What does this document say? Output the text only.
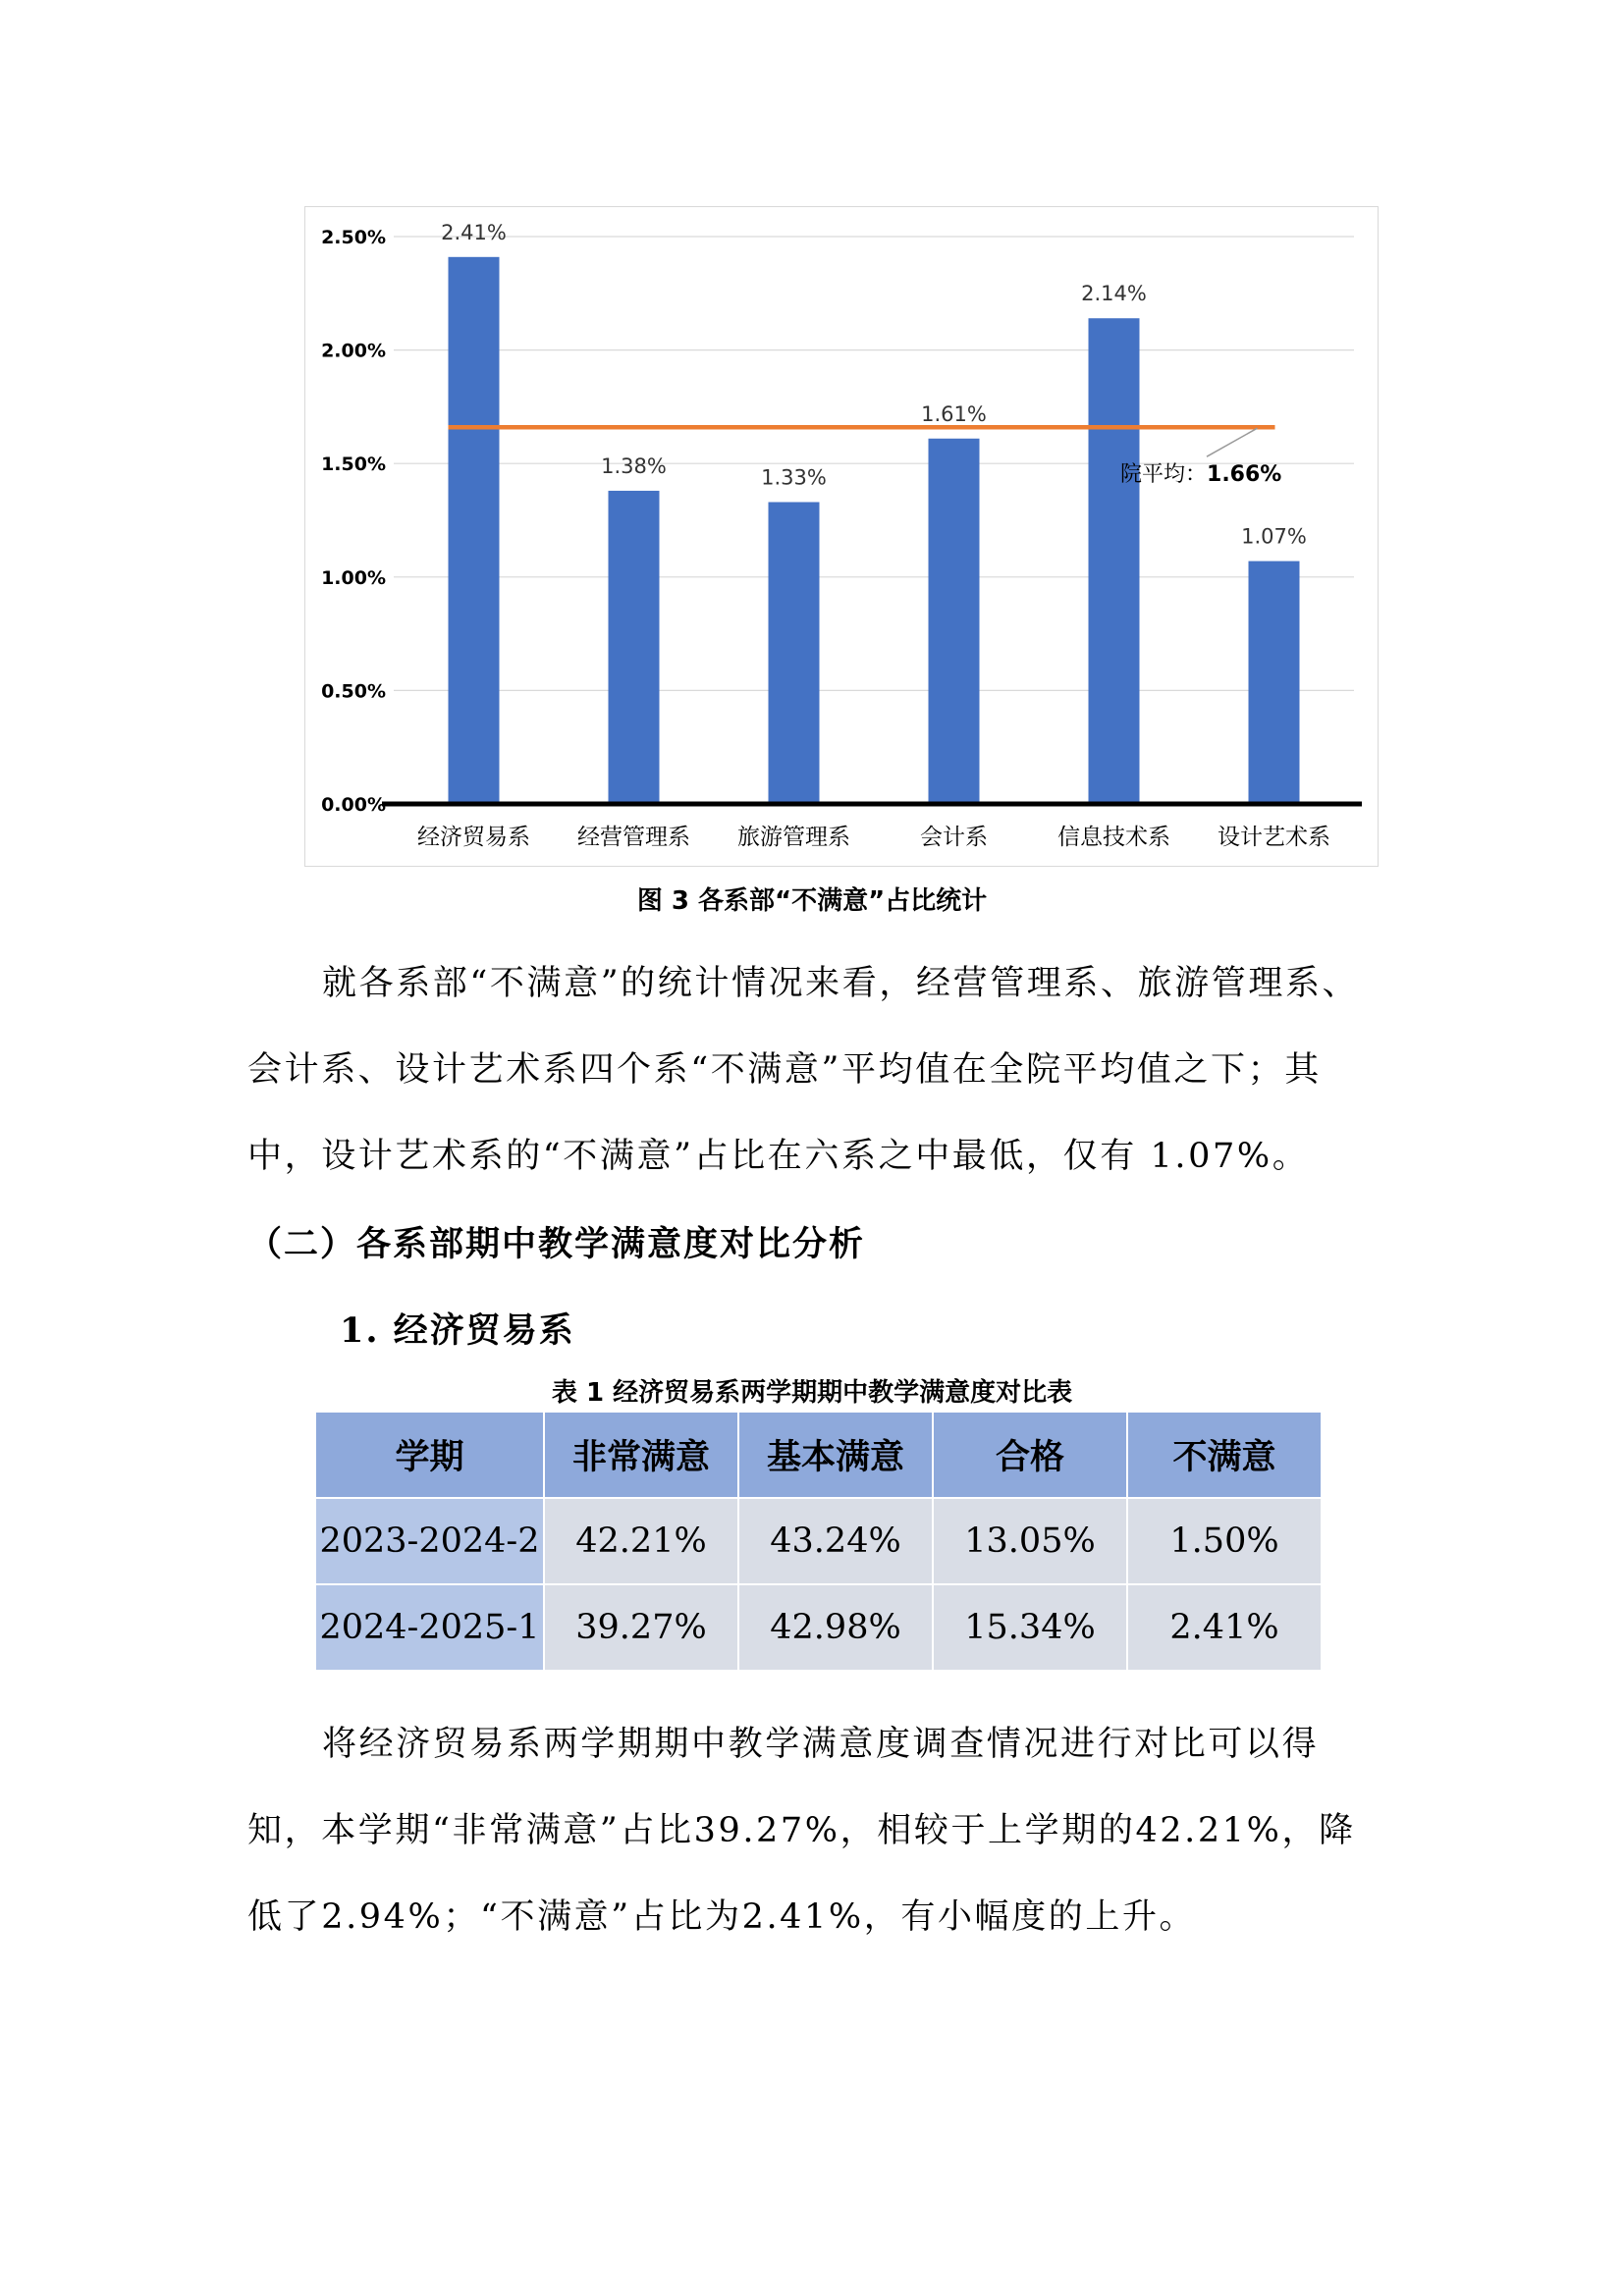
0.00%
0.50%
1.00%
1.50%
2.00%
2.50%	2.41%
经济贸易系
1.38%
经营管理系
1.33%
旅游管理系
1.61%
会计系
2.14%
信息技术系
1.07%
设计艺术系
院平均：1.66%
图 3 各系部“不满意”占比统计

就各系部“不满意”的统计情况来看，经营管理系、旅游管理系、会计系、设计艺术系四个系“不满意”平均值在全院平均值之下；其中，设计艺术系的“不满意”占比在六系之中最低，仅有 1.07%。

（二）各系部期中教学满意度对比分析
1. 经济贸易系
表 1 经济贸易系两学期期中教学满意度对比表
学期	非常满意	基本满意	合格	不满意
2023-2024-2	42.21%	43.24%	13.05%	1.50%
2024-2025-1	39.27%	42.98%	15.34%	2.41%

将经济贸易系两学期期中教学满意度调查情况进行对比可以得知，本学期“非常满意”占比39.27%，相较于上学期的42.21%，降低了2.94%；“不满意”占比为2.41%，有小幅度的上升。
